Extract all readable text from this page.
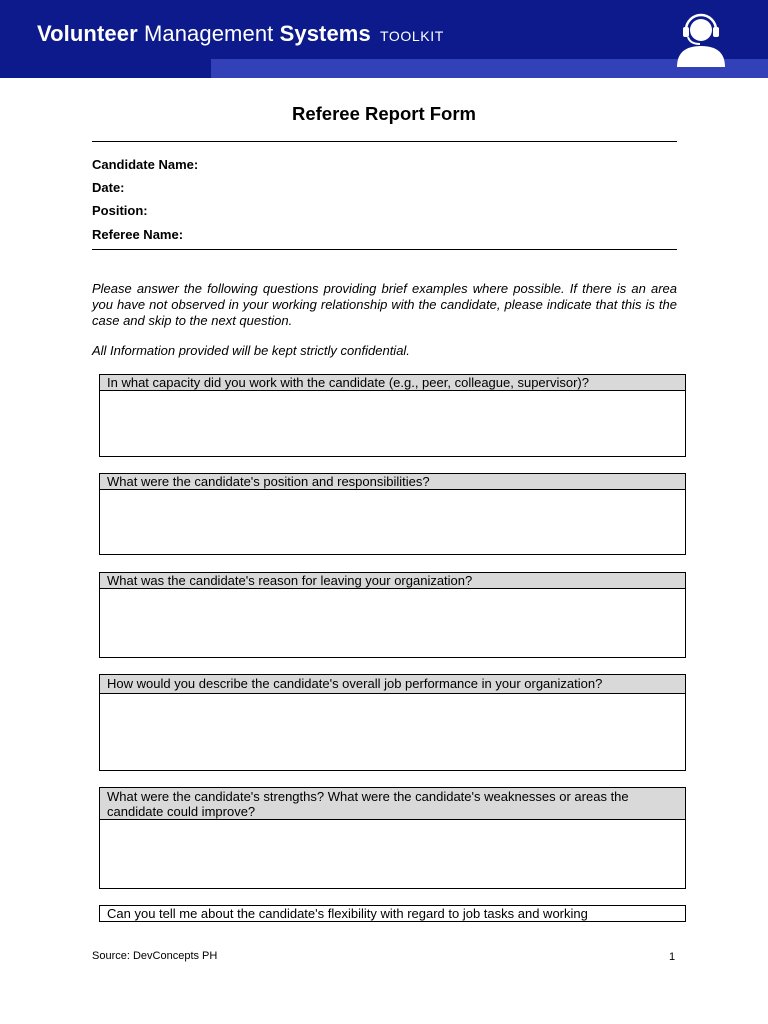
Volunteer Management Systems TOOLKIT
Referee Report Form
Candidate Name:
Date:
Position:
Referee Name:
Please answer the following questions providing brief examples where possible. If there is an area you have not observed in your working relationship with the candidate, please indicate that this is the case and skip to the next question.
All Information provided will be kept strictly confidential.
In what capacity did you work with the candidate (e.g., peer, colleague, supervisor)?
What were the candidate's position and responsibilities?
What was the candidate's reason for leaving your organization?
How would you describe the candidate's overall job performance in your organization?
What were the candidate's strengths? What were the candidate's weaknesses or areas the candidate could improve?
Can you tell me about the candidate's flexibility with regard to job tasks and working
Source: DevConcepts PH	1
